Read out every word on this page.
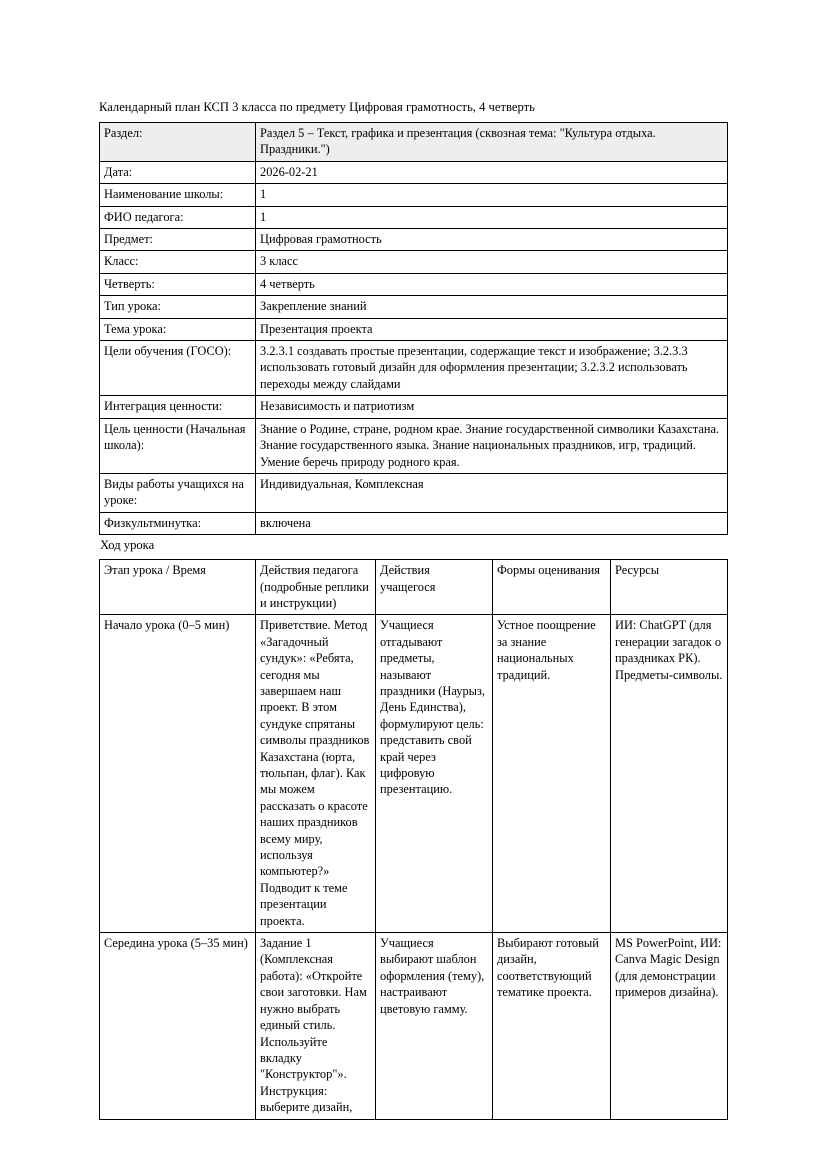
Календарный план КСП 3 класса по предмету Цифровая грамотность, 4 четверть
Раздел:	Раздел 5 – Текст, графика и презентация (сквозная тема: "Культура отдыха. Праздники.")
Дата:	2026-02-21
Наименование школы:	1
ФИО педагога:	1
Предмет:	Цифровая грамотность
Класс:	3 класс
Четверть:	4 четверть
Тип урока:	Закрепление знаний
Тема урока:	Презентация проекта
Цели обучения (ГОСО):	3.2.3.1 создавать простые презентации, содержащие текст и изображение; 3.2.3.3 использовать готовый дизайн для оформления презентации; 3.2.3.2 использовать переходы между слайдами
Интеграция ценности:	Независимость и патриотизм
Цель ценности (Начальная школа):	Знание о Родине, стране, родном крае. Знание государственной символики Казахстана. Знание государственного языка. Знание национальных праздников, игр, традиций. Умение беречь природу родного края.
Виды работы учащихся на уроке:	Индивидуальная, Комплексная
Физкультминутка:	включена
Ход урока
Этап урока / Время	Действия педагога (подробные реплики и инструкции)	Действия учащегося	Формы оценивания	Ресурсы
Начало урока (0–5 мин)	Приветствие. Метод «Загадочный сундук»: «Ребята, сегодня мы завершаем наш проект. В этом сундуке спрятаны символы праздников Казахстана (юрта, тюльпан, флаг). Как мы можем рассказать о красоте наших праздников всему миру, используя компьютер?» Подводит к теме презентации проекта.	Учащиеся отгадывают предметы, называют праздники (Наурыз, День Единства), формулируют цель: представить свой край через цифровую презентацию.	Устное поощрение за знание национальных традиций.	ИИ: ChatGPT (для генерации загадок о праздниках РК). Предметы-символы.
Середина урока (5–35 мин)	Задание 1 (Комплексная работа): «Откройте свои заготовки. Нам нужно выбрать единый стиль. Используйте вкладку "Конструктор"». Инструкция: выберите дизайн,	Учащиеся выбирают шаблон оформления (тему), настраивают цветовую гамму.	Выбирают готовый дизайн, соответствующий тематике проекта.	MS PowerPoint, ИИ: Canva Magic Design (для демонстрации примеров дизайна).
